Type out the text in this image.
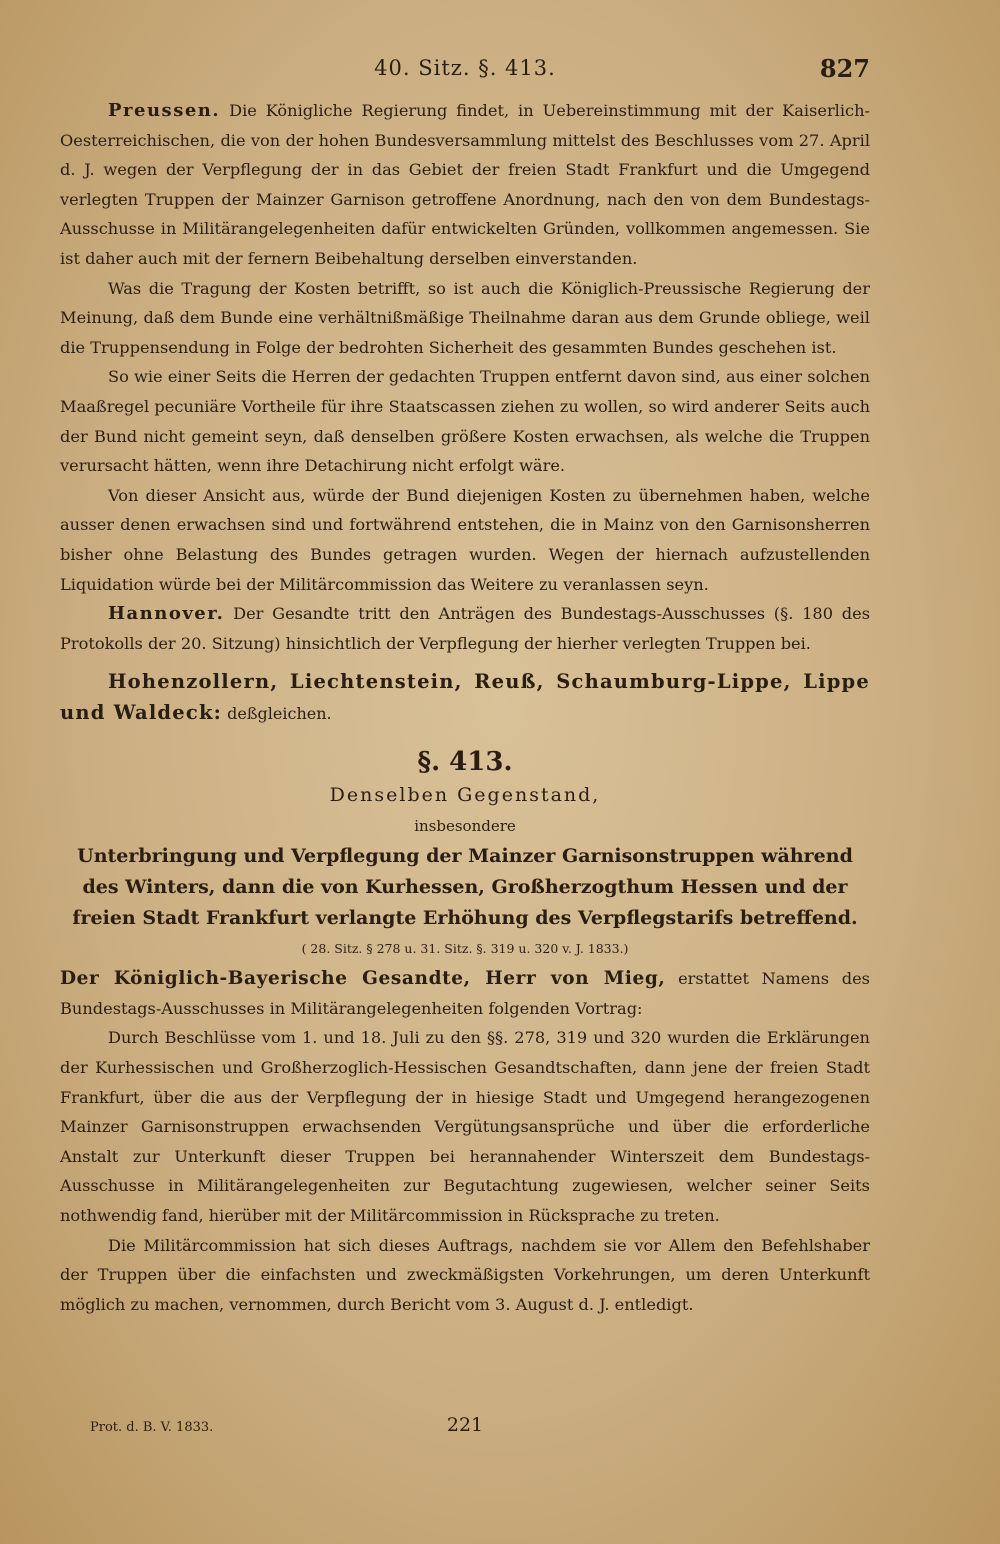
40. Sitz. §. 413.	827

Preussen. Die Königliche Regierung findet, in Uebereinstimmung mit der Kaiserlich-Oesterreichischen, die von der hohen Bundesversammlung mittelst des Beschlusses vom 27. April d. J. wegen der Verpflegung der in das Gebiet der freien Stadt Frankfurt und die Umgegend verlegten Truppen der Mainzer Garnison getroffene Anordnung, nach den von dem Bundestags-Ausschusse in Militärangelegenheiten dafür entwickelten Gründen, vollkommen angemessen. Sie ist daher auch mit der fernern Beibehaltung derselben einverstanden.

Was die Tragung der Kosten betrifft, so ist auch die Königlich-Preussische Regierung der Meinung, daß dem Bunde eine verhältnißmäßige Theilnahme daran aus dem Grunde obliege, weil die Truppensendung in Folge der bedrohten Sicherheit des gesammten Bundes geschehen ist.

So wie einer Seits die Herren der gedachten Truppen entfernt davon sind, aus einer solchen Maaßregel pecuniäre Vortheile für ihre Staatscassen ziehen zu wollen, so wird anderer Seits auch der Bund nicht gemeint seyn, daß denselben größere Kosten erwachsen, als welche die Truppen verursacht hätten, wenn ihre Detachirung nicht erfolgt wäre.

Von dieser Ansicht aus, würde der Bund diejenigen Kosten zu übernehmen haben, welche ausser denen erwachsen sind und fortwährend entstehen, die in Mainz von den Garnisonsherren bisher ohne Belastung des Bundes getragen wurden. Wegen der hiernach aufzustellenden Liquidation würde bei der Militärcommission das Weitere zu veranlassen seyn.

Hannover. Der Gesandte tritt den Anträgen des Bundestags-Ausschusses (§. 180 des Protokolls der 20. Sitzung) hinsichtlich der Verpflegung der hierher verlegten Truppen bei.

Hohenzollern, Liechtenstein, Reuß, Schaumburg-Lippe, Lippe und Waldeck: deßgleichen.

§. 413.

Denselben Gegenstand,

insbesondere

Unterbringung und Verpflegung der Mainzer Garnisonstruppen während des Winters, dann die von Kurhessen, Großherzogthum Hessen und der freien Stadt Frankfurt verlangte Erhöhung des Verpflegstarifs betreffend.

( 28. Sitz. § 278 u. 31. Sitz. §. 319 u. 320 v. J. 1833.)

Der Königlich-Bayerische Gesandte, Herr von Mieg, erstattet Namens des Bundestags-Ausschusses in Militärangelegenheiten folgenden Vortrag:

Durch Beschlüsse vom 1. und 18. Juli zu den §§. 278, 319 und 320 wurden die Erklärungen der Kurhessischen und Großherzoglich-Hessischen Gesandtschaften, dann jene der freien Stadt Frankfurt, über die aus der Verpflegung der in hiesige Stadt und Umgegend herangezogenen Mainzer Garnisonstruppen erwachsenden Vergütungsansprüche und über die erforderliche Anstalt zur Unterkunft dieser Truppen bei herannahender Winterszeit dem Bundestags-Ausschusse in Militärangelegenheiten zur Begutachtung zugewiesen, welcher seiner Seits nothwendig fand, hierüber mit der Militärcommission in Rücksprache zu treten.

Die Militärcommission hat sich dieses Auftrags, nachdem sie vor Allem den Befehlshaber der Truppen über die einfachsten und zweckmäßigsten Vorkehrungen, um deren Unterkunft möglich zu machen, vernommen, durch Bericht vom 3. August d. J. entledigt.

Prot. d. B. V. 1833.	221
